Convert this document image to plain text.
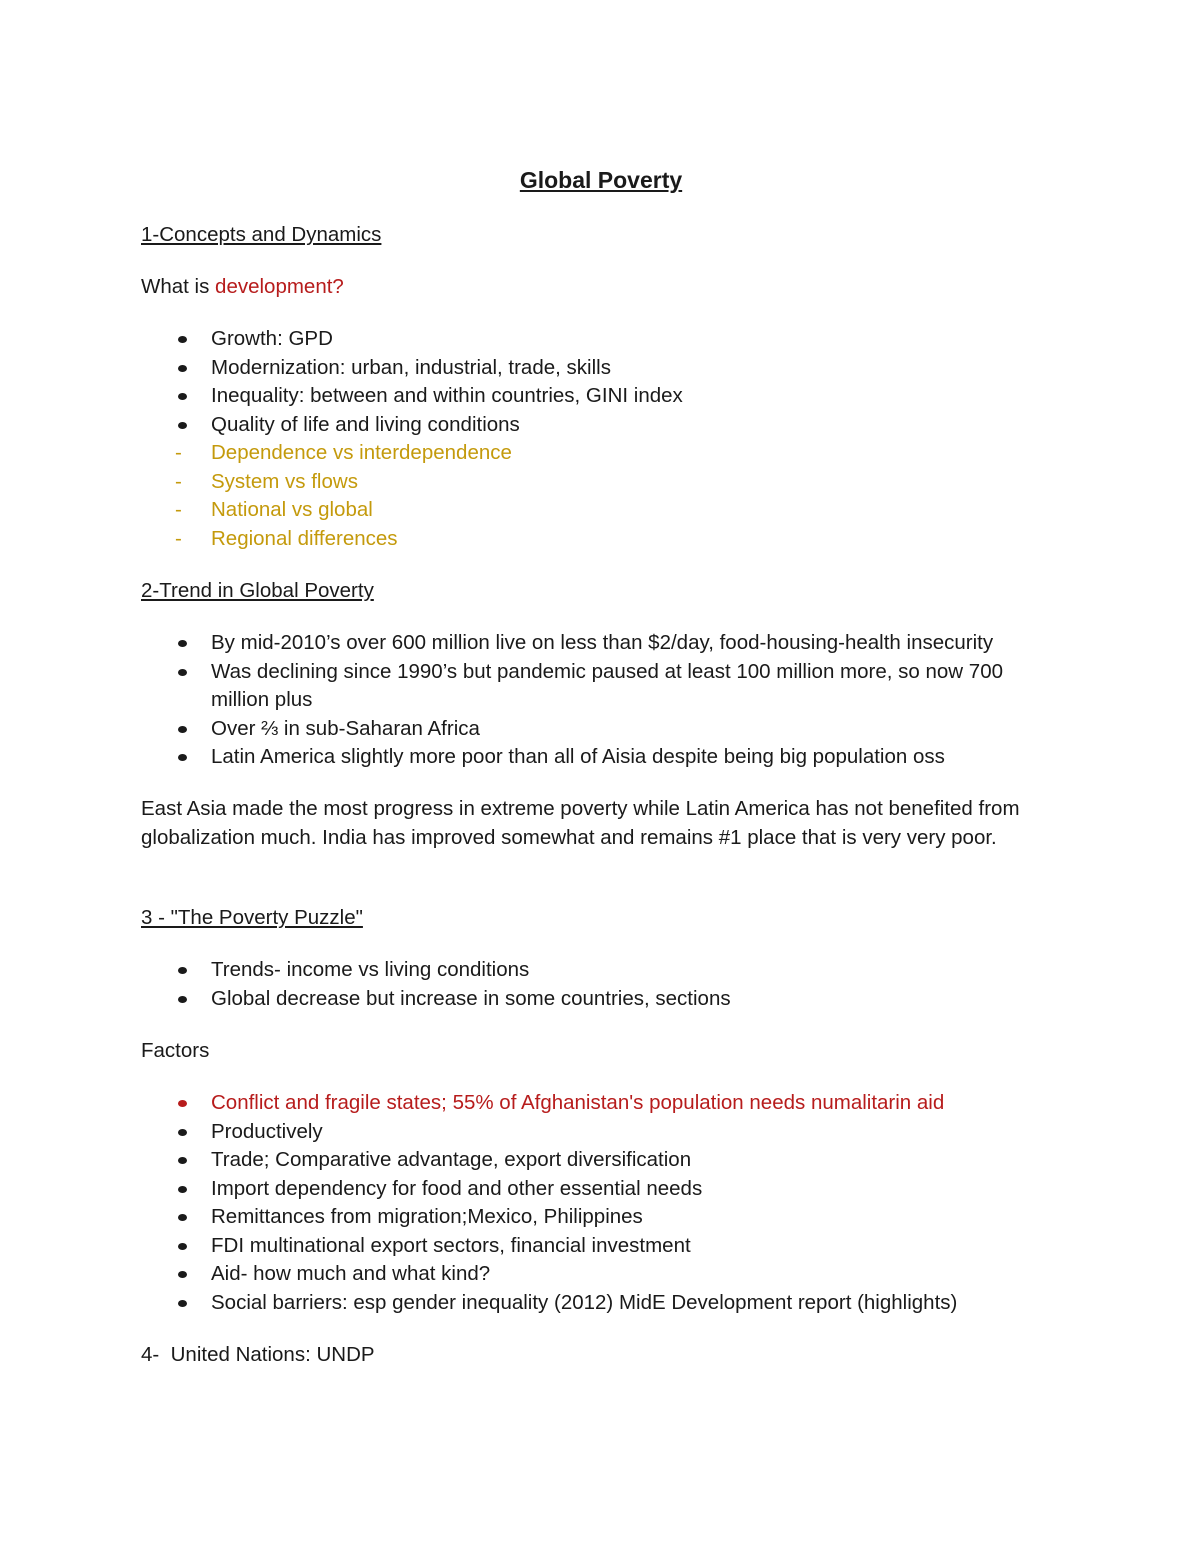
Global Poverty

1-Concepts and Dynamics

What is development?

Growth: GPD
Modernization: urban, industrial, trade, skills
Inequality: between and within countries, GINI index
Quality of life and living conditions
- Dependence vs interdependence
- System vs flows
- National vs global
- Regional differences

2-Trend in Global Poverty

By mid-2010’s over 600 million live on less than $2/day, food-housing-health insecurity
Was declining since 1990’s but pandemic paused at least 100 million more, so now 700 million plus
Over ⅔ in sub-Saharan Africa
Latin America slightly more poor than all of Aisia despite being big population oss

East Asia made the most progress in extreme poverty while Latin America has not benefited from globalization much. India has improved somewhat and remains #1 place that is very very poor.

3 - "The Poverty Puzzle"

Trends- income vs living conditions
Global decrease but increase in some countries, sections

Factors

Conflict and fragile states; 55% of Afghanistan's population needs numalitarin aid
Productively
Trade; Comparative advantage, export diversification
Import dependency for food and other essential needs
Remittances from migration;Mexico, Philippines
FDI multinational export sectors, financial investment
Aid- how much and what kind?
Social barriers: esp gender inequality (2012) MidE Development report (highlights)

4-  United Nations: UNDP
